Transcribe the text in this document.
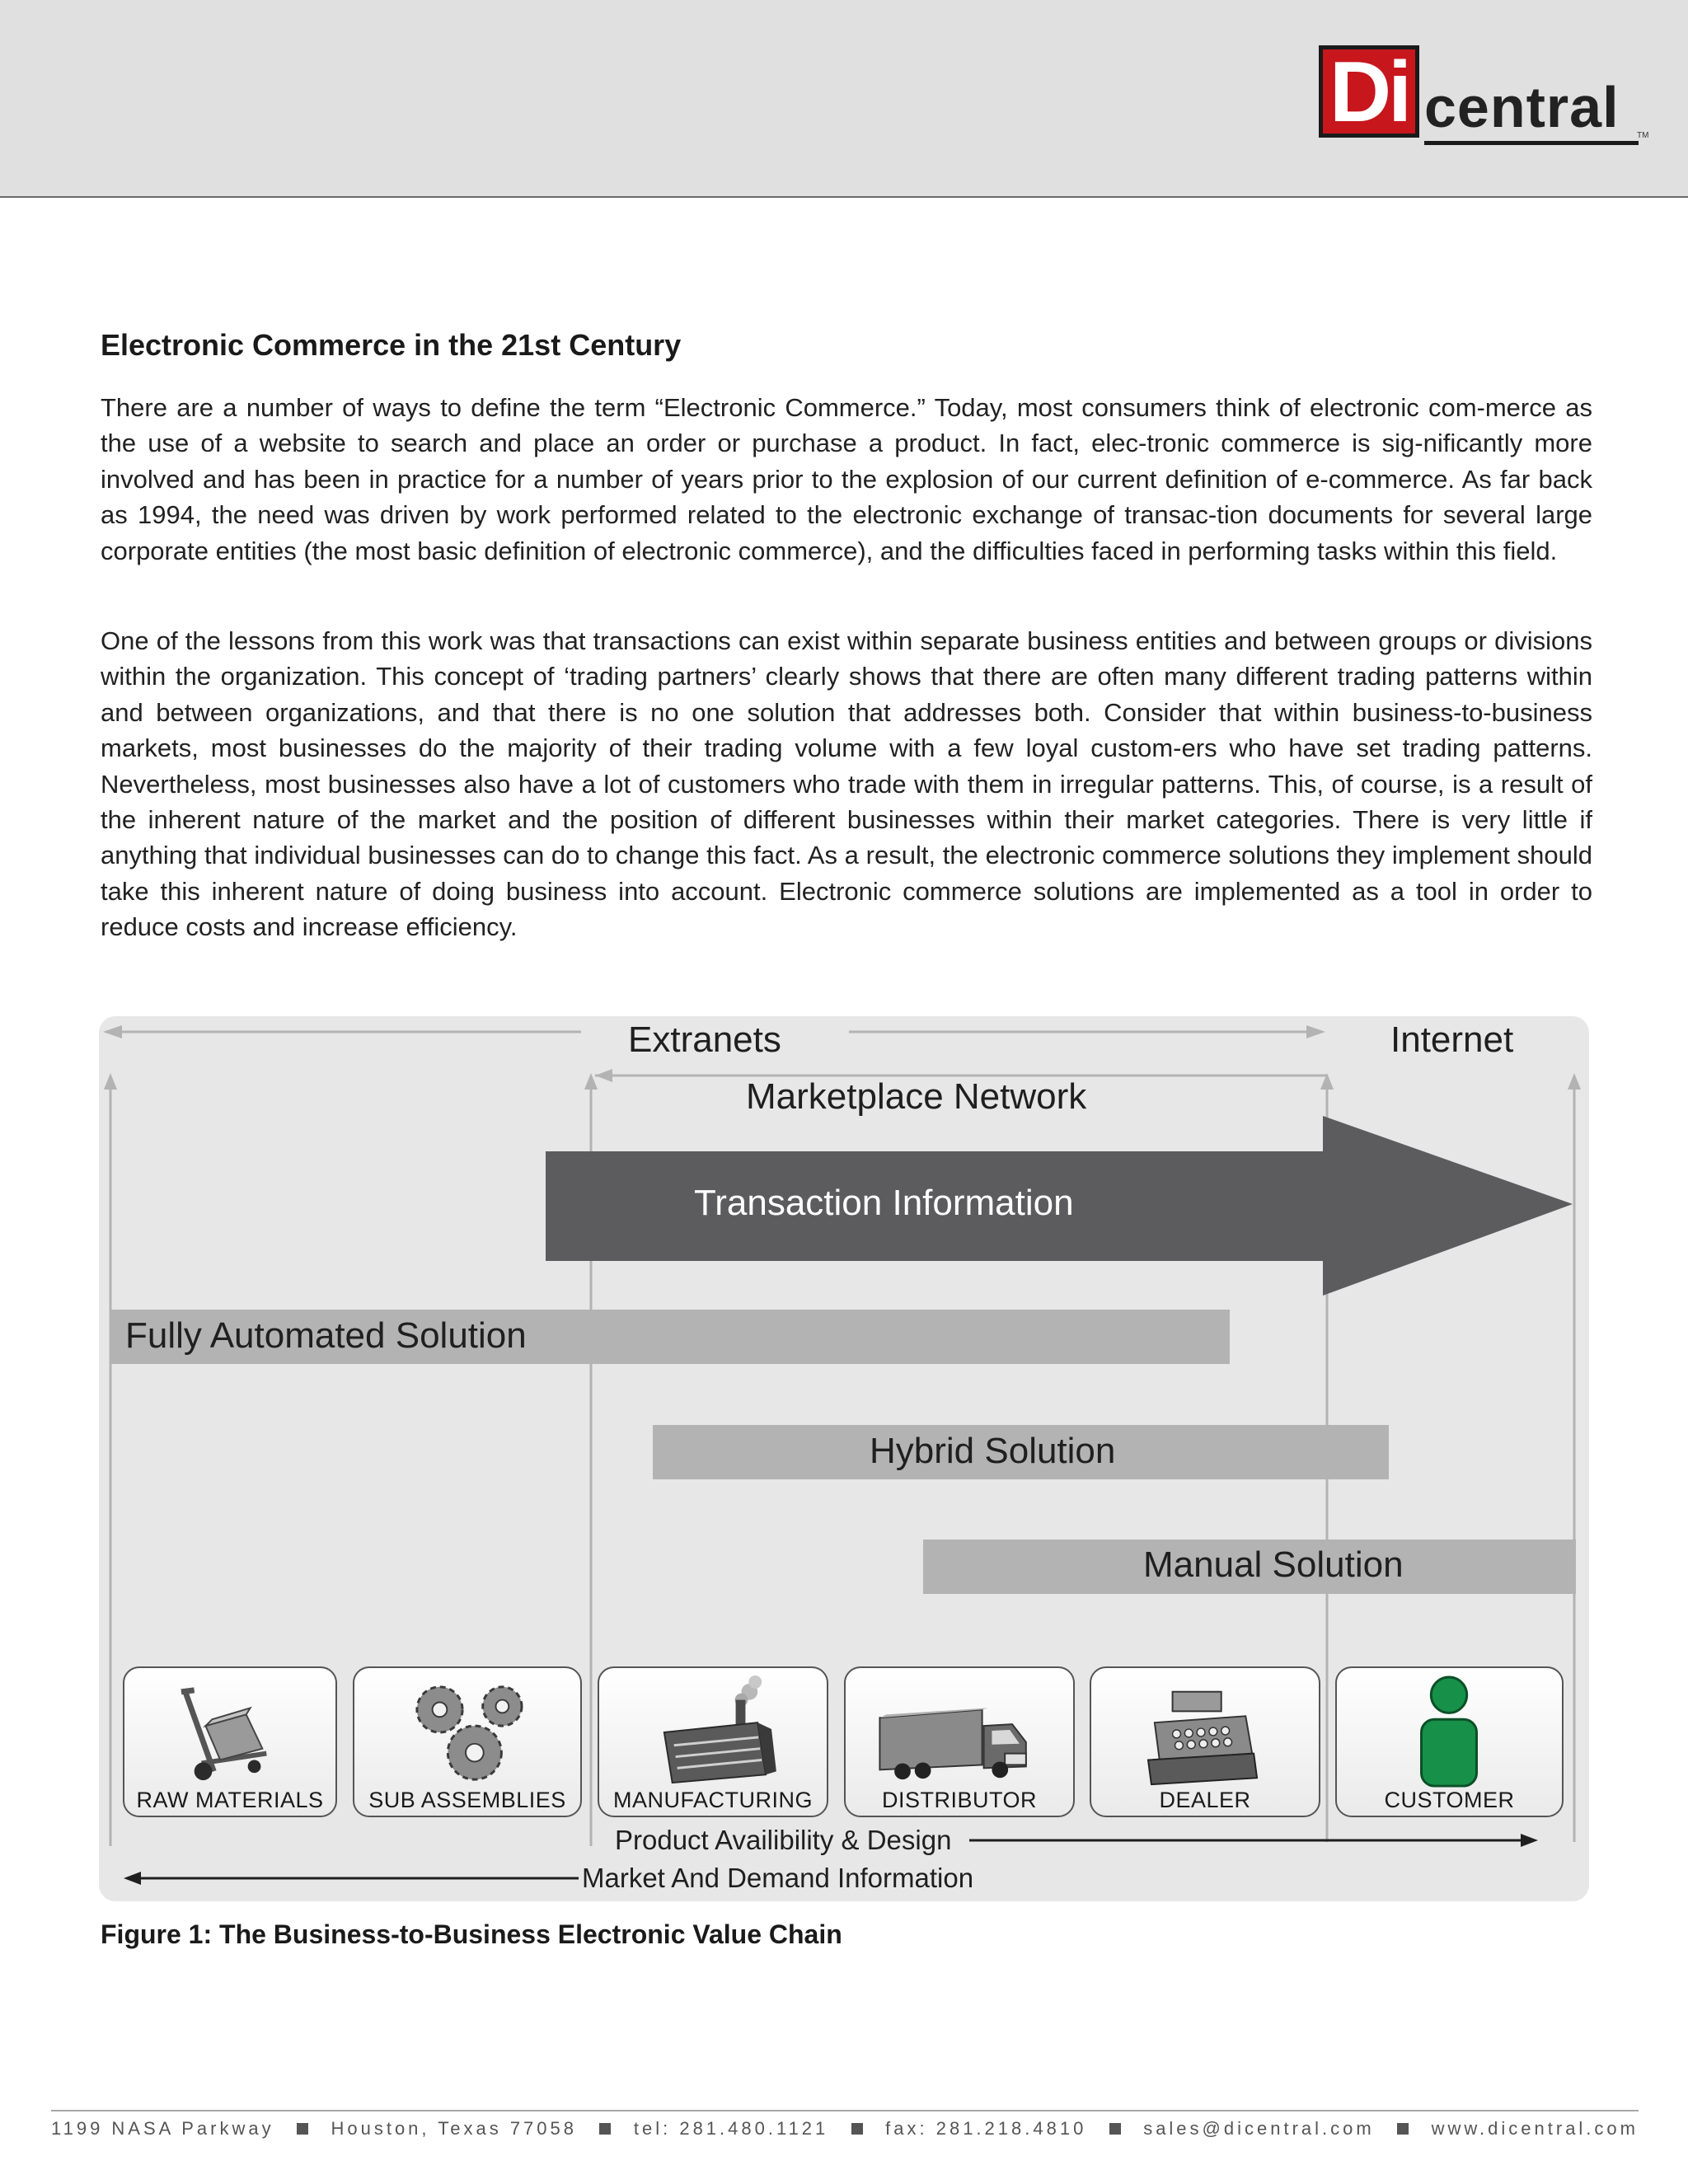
Di central TM
Electronic Commerce in the 21st Century

There are a number of ways to define the term “Electronic Commerce.” Today, most consumers think of electronic com-merce as the use of a website to search and place an order or purchase a product. In fact, elec-tronic commerce is sig-nificantly more involved and has been in practice for a number of years prior to the explosion of our current definition of e-commerce. As far back as 1994, the need was driven by work performed related to the electronic exchange of transac-tion documents for several large corporate entities (the most basic definition of electronic commerce), and the difficulties faced in performing tasks within this field.

One of the lessons from this work was that transactions can exist within separate business entities and between groups or divisions within the organization. This concept of ‘trading partners’ clearly shows that there are often many different trading patterns within and between organizations, and that there is no one solution that addresses both. Consider that within business-to-business markets, most businesses do the majority of their trading volume with a few loyal custom-ers who have set trading patterns. Nevertheless, most businesses also have a lot of customers who trade with them in irregular patterns. This, of course, is a result of the inherent nature of the market and the position of different businesses within their market categories. There is very little if anything that individual businesses can do to change this fact. As a result, the electronic commerce solutions they implement should take this inherent nature of doing business into account. Electronic commerce solutions are implemented as a tool in order to reduce costs and increase efficiency.

Extranets	Internet
Marketplace Network
Transaction Information
Fully Automated Solution
Hybrid Solution
Manual Solution
RAW MATERIALS	SUB ASSEMBLIES	MANUFACTURING	DISTRIBUTOR	DEALER	CUSTOMER
Product Availibility & Design
Market And Demand Information
Figure 1: The Business-to-Business Electronic Value Chain
1199 NASA Parkway	Houston, Texas 77058	tel: 281.480.1121	fax: 281.218.4810	sales@dicentral.com	www.dicentral.com
